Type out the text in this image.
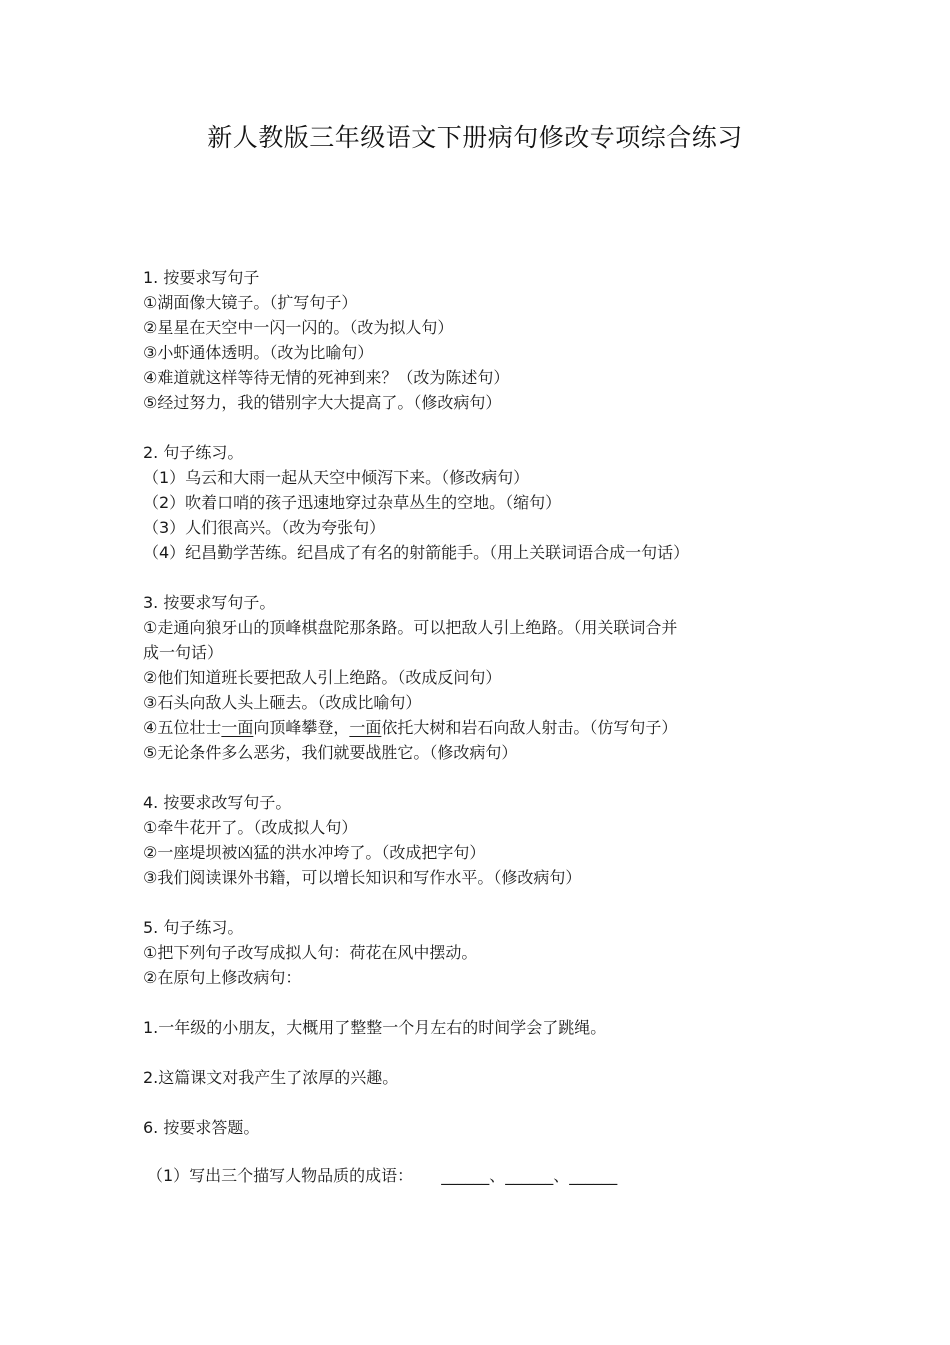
新人教版三年级语文下册病句修改专项综合练习
1. 按要求写句子
①湖面像大镜子。（扩写句子）
②星星在天空中一闪一闪的。（改为拟人句）
③小虾通体透明。（改为比喻句）
④难道就这样等待无情的死神到来？（改为陈述句）
⑤经过努力，我的错别字大大提高了。（修改病句）
2. 句子练习。
（1）乌云和大雨一起从天空中倾泻下来。（修改病句）
（2）吹着口哨的孩子迅速地穿过杂草丛生的空地。（缩句）
（3）人们很高兴。（改为夸张句）
（4）纪昌勤学苦练。纪昌成了有名的射箭能手。（用上关联词语合成一句话）
3. 按要求写句子。
①走通向狼牙山的顶峰棋盘陀那条路。可以把敌人引上绝路。（用关联词合并
成一句话）
②他们知道班长要把敌人引上绝路。（改成反问句）
③石头向敌人头上砸去。（改成比喻句）
④五位壮士一面向顶峰攀登，一面依托大树和岩石向敌人射击。（仿写句子）
⑤无论条件多么恶劣，我们就要战胜它。（修改病句）
4. 按要求改写句子。
①牵牛花开了。（改成拟人句）
②一座堤坝被凶猛的洪水冲垮了。（改成把字句）
③我们阅读课外书籍，可以增长知识和写作水平。（修改病句）
5. 句子练习。
①把下列句子改写成拟人句：荷花在风中摆动。
②在原句上修改病句：
1.一年级的小朋友，大概用了整整一个月左右的时间学会了跳绳。
2.这篇课文对我产生了浓厚的兴趣。
6. 按要求答题。
（1）写出三个描写人物品质的成语： ______、______、______
